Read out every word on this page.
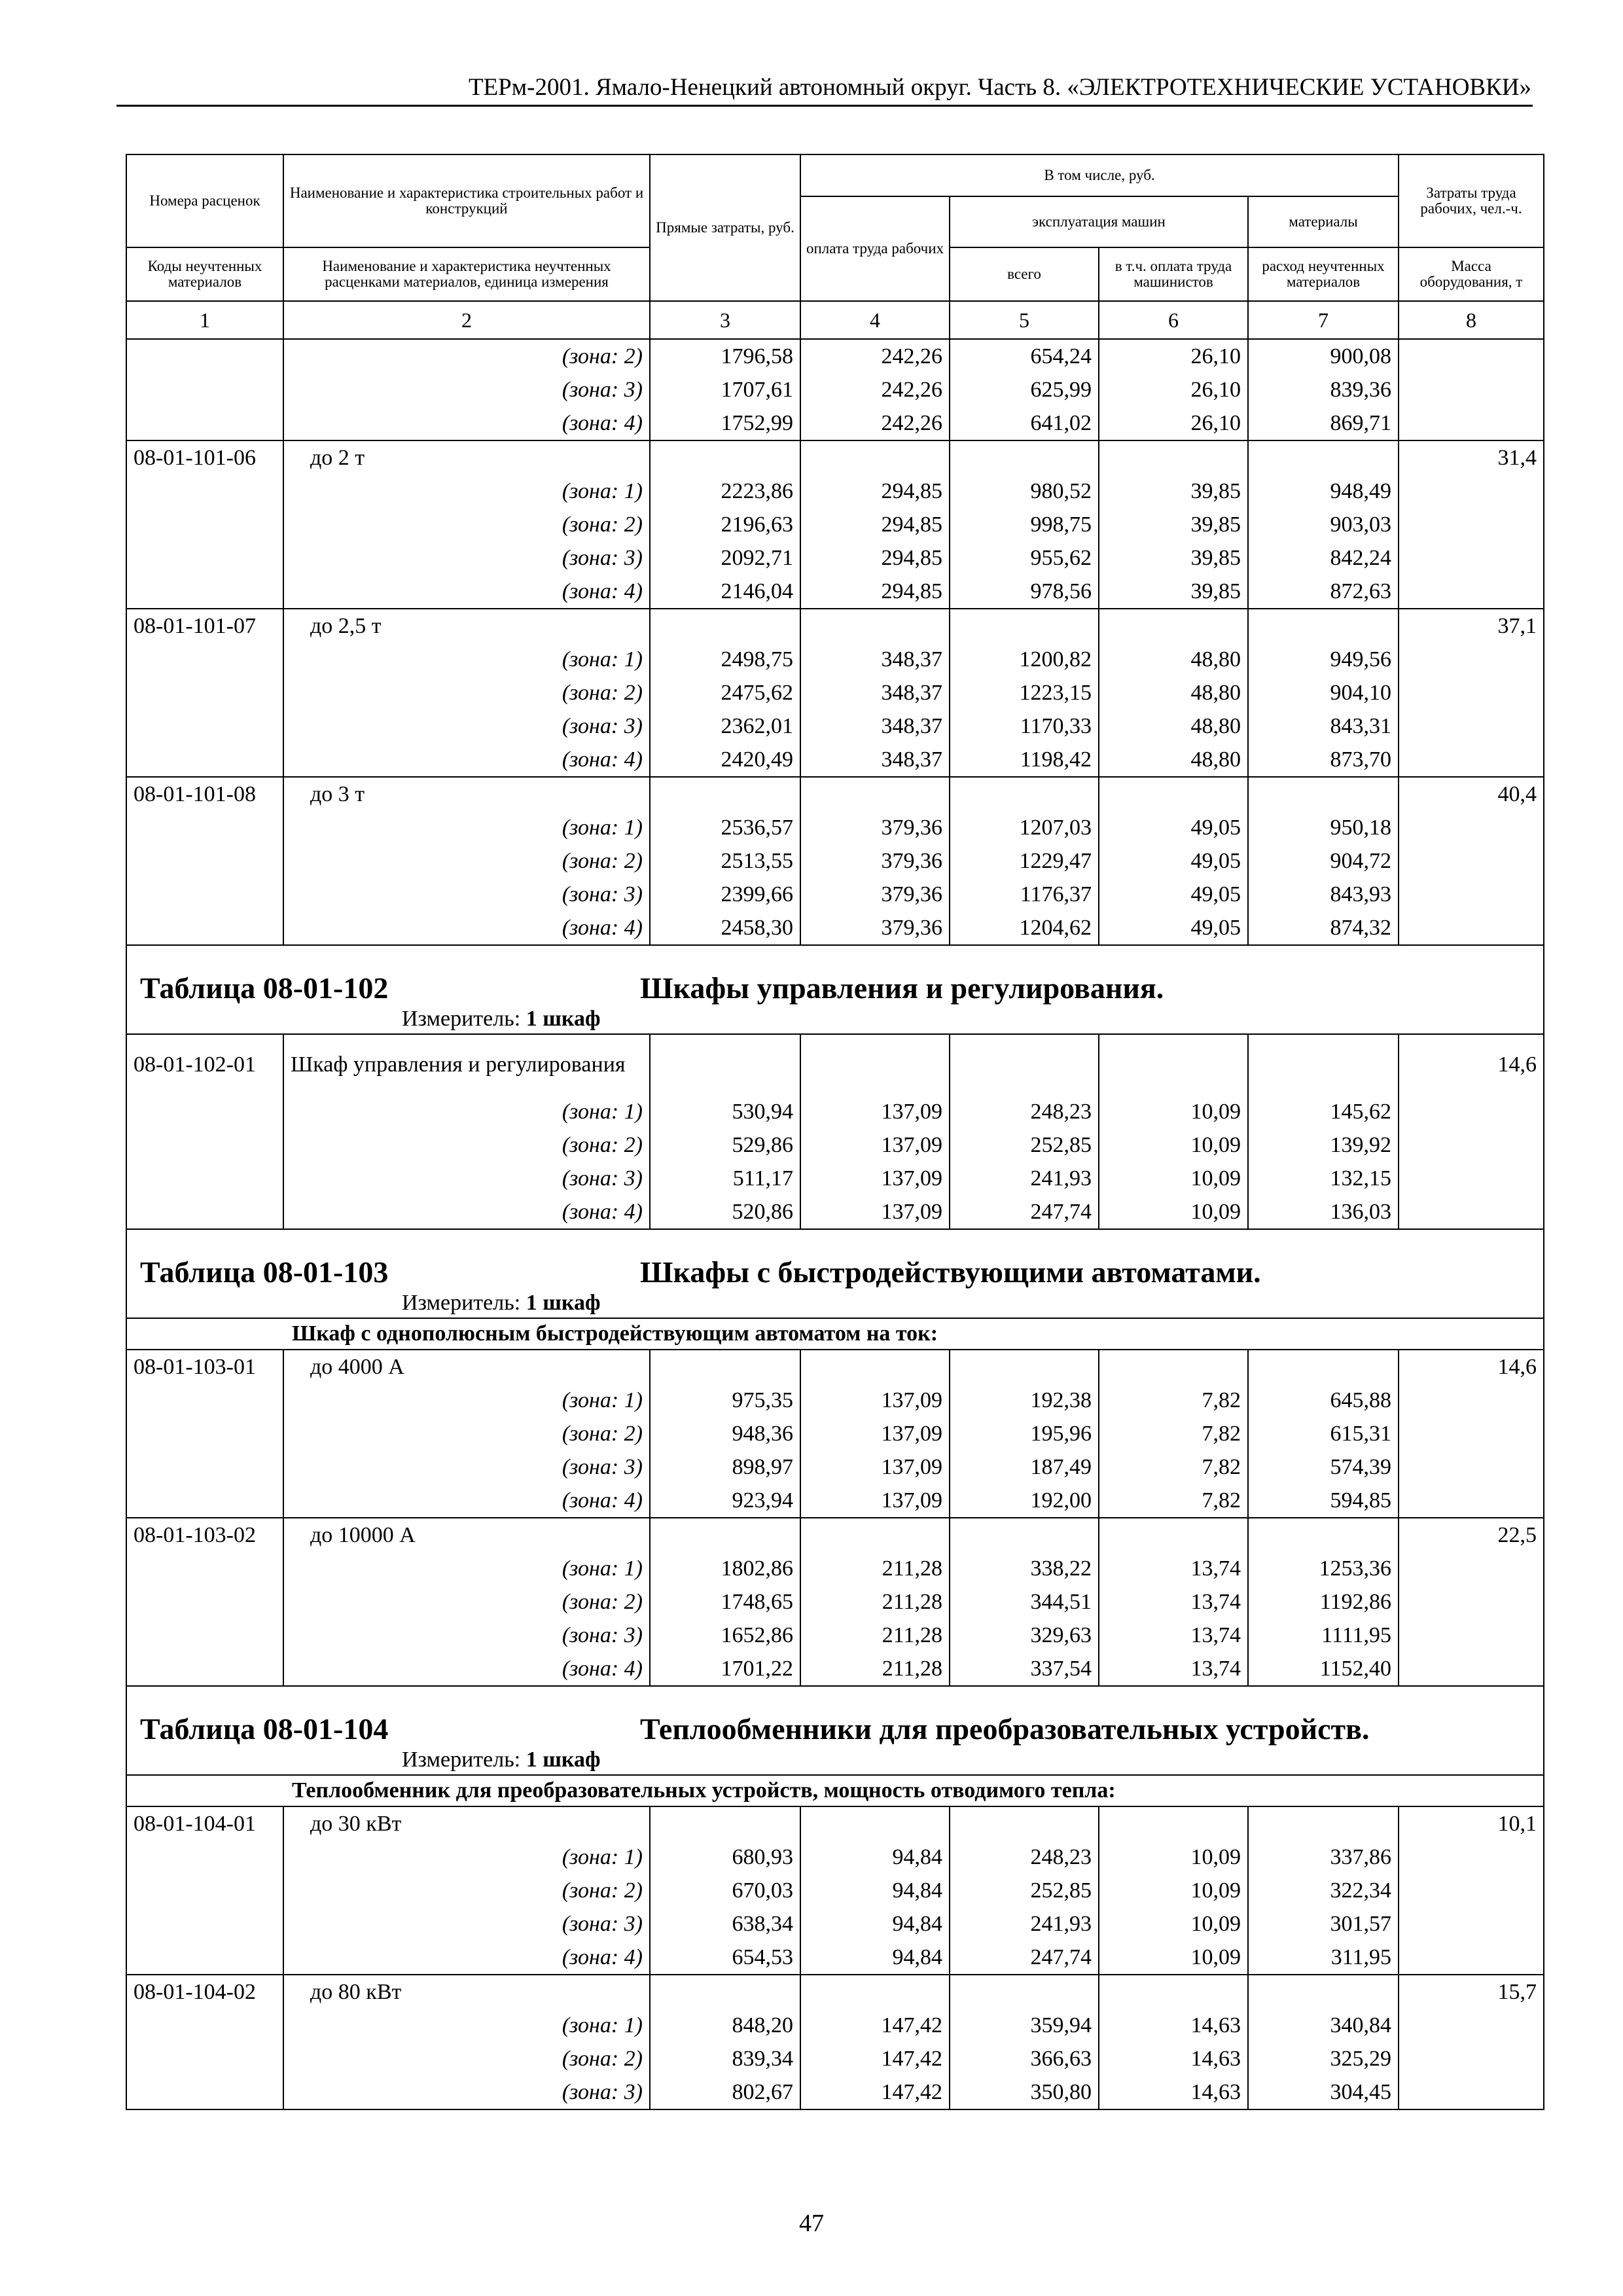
ТЕРм-2001. Ямало-Ненецкий автономный округ. Часть 8. «ЭЛЕКТРОТЕХНИЧЕСКИЕ УСТАНОВКИ»
Номера расценок	Наименование и характеристика строительных работ и конструкций	Прямые затраты, руб.	В том числе, руб.				Затраты труда рабочих, чел.-ч.
			оплата труда рабочих	эксплуатация машин		материалы	
Коды неучтенных материалов	Наименование и характеристика неучтенных расценками материалов, единица измерения			всего	в т.ч. оплата труда машинистов	расход неучтенных материалов	Масса оборудования, т
1	2	3	4	5	6	7	8
	(зона: 2)	1796,58	242,26	654,24	26,10	900,08	
	(зона: 3)	1707,61	242,26	625,99	26,10	839,36	
	(зона: 4)	1752,99	242,26	641,02	26,10	869,71	
08-01-101-06	до 2 т						31,4
	(зона: 1)	2223,86	294,85	980,52	39,85	948,49	
	(зона: 2)	2196,63	294,85	998,75	39,85	903,03	
	(зона: 3)	2092,71	294,85	955,62	39,85	842,24	
	(зона: 4)	2146,04	294,85	978,56	39,85	872,63	
08-01-101-07	до 2,5 т						37,1
	(зона: 1)	2498,75	348,37	1200,82	48,80	949,56	
	(зона: 2)	2475,62	348,37	1223,15	48,80	904,10	
	(зона: 3)	2362,01	348,37	1170,33	48,80	843,31	
	(зона: 4)	2420,49	348,37	1198,42	48,80	873,70	
08-01-101-08	до 3 т						40,4
	(зона: 1)	2536,57	379,36	1207,03	49,05	950,18	
	(зона: 2)	2513,55	379,36	1229,47	49,05	904,72	
	(зона: 3)	2399,66	379,36	1176,37	49,05	843,93	
	(зона: 4)	2458,30	379,36	1204,62	49,05	874,32	
Таблица 08-01-102 Шкафы управления и регулирования.							
Измеритель: 1 шкаф							
08-01-102-01	Шкаф управления и регулирования						14,6
	(зона: 1)	530,94	137,09	248,23	10,09	145,62	
	(зона: 2)	529,86	137,09	252,85	10,09	139,92	
	(зона: 3)	511,17	137,09	241,93	10,09	132,15	
	(зона: 4)	520,86	137,09	247,74	10,09	136,03	
Таблица 08-01-103 Шкафы с быстродействующими автоматами.							
Измеритель: 1 шкаф							
Шкаф с однополюсным быстродействующим автоматом на ток:							
08-01-103-01	до 4000 А						14,6
	(зона: 1)	975,35	137,09	192,38	7,82	645,88	
	(зона: 2)	948,36	137,09	195,96	7,82	615,31	
	(зона: 3)	898,97	137,09	187,49	7,82	574,39	
	(зона: 4)	923,94	137,09	192,00	7,82	594,85	
08-01-103-02	до 10000 А						22,5
	(зона: 1)	1802,86	211,28	338,22	13,74	1253,36	
	(зона: 2)	1748,65	211,28	344,51	13,74	1192,86	
	(зона: 3)	1652,86	211,28	329,63	13,74	1111,95	
	(зона: 4)	1701,22	211,28	337,54	13,74	1152,40	
Таблица 08-01-104 Теплообменники для преобразовательных устройств.							
Измеритель: 1 шкаф							
Теплообменник для преобразовательных устройств, мощность отводимого тепла:							
08-01-104-01	до 30 кВт						10,1
	(зона: 1)	680,93	94,84	248,23	10,09	337,86	
	(зона: 2)	670,03	94,84	252,85	10,09	322,34	
	(зона: 3)	638,34	94,84	241,93	10,09	301,57	
	(зона: 4)	654,53	94,84	247,74	10,09	311,95	
08-01-104-02	до 80 кВт						15,7
	(зона: 1)	848,20	147,42	359,94	14,63	340,84	
	(зона: 2)	839,34	147,42	366,63	14,63	325,29	
	(зона: 3)	802,67	147,42	350,80	14,63	304,45	
47
